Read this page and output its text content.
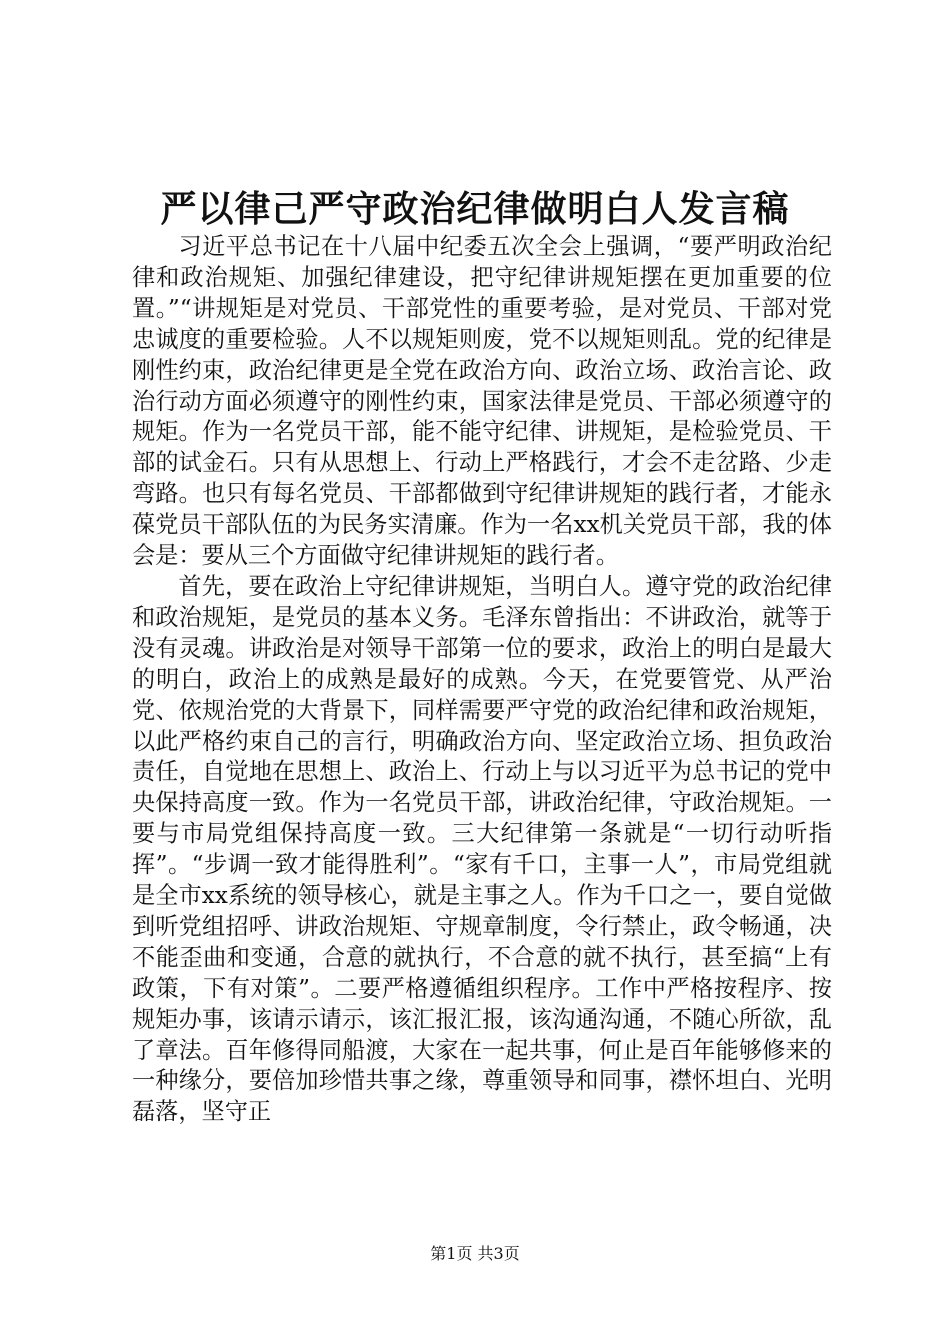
严以律己严守政治纪律做明白人发言稿

习近平总书记在十八届中纪委五次全会上强调，“要严明政治纪律和政治规矩、加强纪律建设，把守纪律讲规矩摆在更加重要的位置。”“讲规矩是对党员、干部党性的重要考验，是对党员、干部对党忠诚度的重要检验。人不以规矩则废，党不以规矩则乱。党的纪律是刚性约束，政治纪律更是全党在政治方向、政治立场、政治言论、政治行动方面必须遵守的刚性约束，国家法律是党员、干部必须遵守的规矩。作为一名党员干部，能不能守纪律、讲规矩，是检验党员、干部的试金石。只有从思想上、行动上严格践行，才会不走岔路、少走弯路。也只有每名党员、干部都做到守纪律讲规矩的践行者，才能永葆党员干部队伍的为民务实清廉。作为一名xx机关党员干部，我的体会是：要从三个方面做守纪律讲规矩的践行者。

首先，要在政治上守纪律讲规矩，当明白人。遵守党的政治纪律和政治规矩，是党员的基本义务。毛泽东曾指出：不讲政治，就等于没有灵魂。讲政治是对领导干部第一位的要求，政治上的明白是最大的明白，政治上的成熟是最好的成熟。今天，在党要管党、从严治党、依规治党的大背景下，同样需要严守党的政治纪律和政治规矩，以此严格约束自己的言行，明确政治方向、坚定政治立场、担负政治责任，自觉地在思想上、政治上、行动上与以习近平为总书记的党中央保持高度一致。作为一名党员干部，讲政治纪律，守政治规矩。一要与市局党组保持高度一致。三大纪律第一条就是“一切行动听指挥”。“步调一致才能得胜利”。“家有千口，主事一人”，市局党组就是全市xx系统的领导核心，就是主事之人。作为千口之一，要自觉做到听党组招呼、讲政治规矩、守规章制度，令行禁止，政令畅通，决不能歪曲和变通，合意的就执行，不合意的就不执行，甚至搞“上有政策，下有对策”。二要严格遵循组织程序。工作中严格按程序、按规矩办事，该请示请示，该汇报汇报，该沟通沟通，不随心所欲，乱了章法。百年修得同船渡，大家在一起共事，何止是百年能够修来的一种缘分，要倍加珍惜共事之缘，尊重领导和同事，襟怀坦白、光明磊落，坚守正

第1页 共3页
